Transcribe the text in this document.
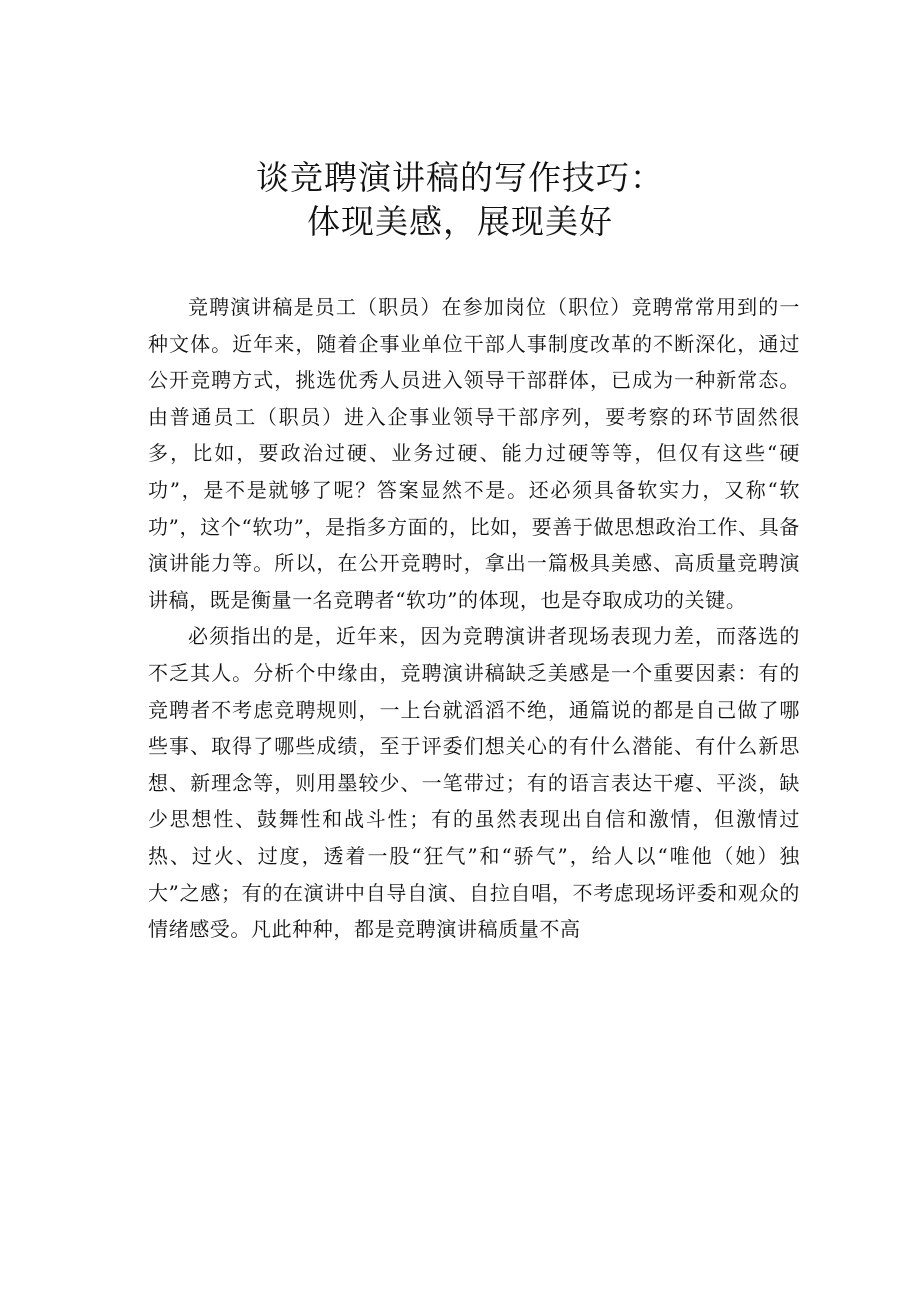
谈竞聘演讲稿的写作技巧：
体现美感，展现美好

竞聘演讲稿是员工（职员）在参加岗位（职位）竞聘常常用到的一种文体。近年来，随着企事业单位干部人事制度改革的不断深化，通过公开竞聘方式，挑选优秀人员进入领导干部群体，已成为一种新常态。由普通员工（职员）进入企事业领导干部序列，要考察的环节固然很多，比如，要政治过硬、业务过硬、能力过硬等等，但仅有这些“硬功”，是不是就够了呢？答案显然不是。还必须具备软实力，又称“软功”，这个“软功”，是指多方面的，比如，要善于做思想政治工作、具备演讲能力等。所以，在公开竞聘时，拿出一篇极具美感、高质量竞聘演讲稿，既是衡量一名竞聘者“软功”的体现，也是夺取成功的关键。

必须指出的是，近年来，因为竞聘演讲者现场表现力差，而落选的不乏其人。分析个中缘由，竞聘演讲稿缺乏美感是一个重要因素：有的竞聘者不考虑竞聘规则，一上台就滔滔不绝，通篇说的都是自己做了哪些事、取得了哪些成绩，至于评委们想关心的有什么潜能、有什么新思想、新理念等，则用墨较少、一笔带过；有的语言表达干瘪、平淡，缺少思想性、鼓舞性和战斗性；有的虽然表现出自信和激情，但激情过热、过火、过度，透着一股“狂气”和“骄气”，给人以“唯他（她）独大”之感；有的在演讲中自导自演、自拉自唱，不考虑现场评委和观众的情绪感受。凡此种种，都是竞聘演讲稿质量不高
